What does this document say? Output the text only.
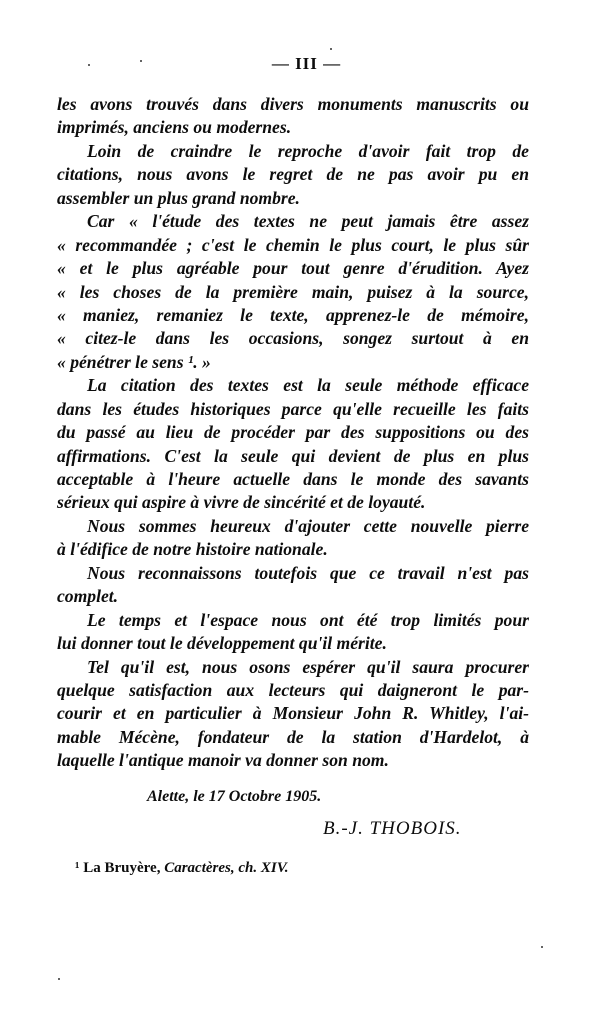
— III —
les avons trouvés dans divers monuments manuscrits ou
imprimés, anciens ou modernes.
Loin de craindre le reproche d'avoir fait trop de
citations, nous avons le regret de ne pas avoir pu en
assembler un plus grand nombre.
Car « l'étude des textes ne peut jamais être assez
« recommandée ; c'est le chemin le plus court, le plus sûr
« et le plus agréable pour tout genre d'érudition. Ayez
« les choses de la première main, puisez à la source,
« maniez, remaniez le texte, apprenez-le de mémoire,
« citez-le dans les occasions, songez surtout à en
« pénétrer le sens ¹. »
La citation des textes est la seule méthode efficace
dans les études historiques parce qu'elle recueille les faits
du passé au lieu de procéder par des suppositions ou des
affirmations. C'est la seule qui devient de plus en plus
acceptable à l'heure actuelle dans le monde des savants
sérieux qui aspire à vivre de sincérité et de loyauté.
Nous sommes heureux d'ajouter cette nouvelle pierre
à l'édifice de notre histoire nationale.
Nous reconnaissons toutefois que ce travail n'est pas
complet.
Le temps et l'espace nous ont été trop limités pour
lui donner tout le développement qu'il mérite.
Tel qu'il est, nous osons espérer qu'il saura procurer
quelque satisfaction aux lecteurs qui daigneront le par-
courir et en particulier à Monsieur John R. Whitley, l'ai-
mable Mécène, fondateur de la station d'Hardelot, à
laquelle l'antique manoir va donner son nom.
Alette, le 17 Octobre 1905.
B.-J. THOBOIS.
¹ La Bruyère, Caractères, ch. XIV.
